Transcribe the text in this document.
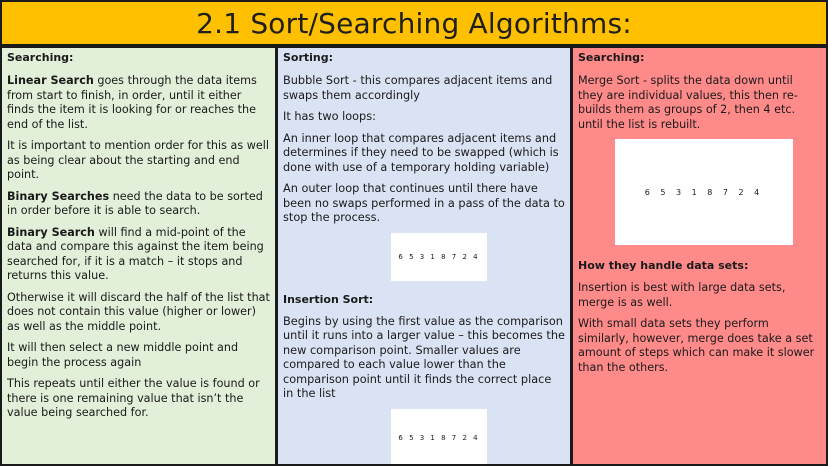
2.1 Sort/Searching Algorithms:
Searching:

Linear Search goes through the data items from start to finish, in order, until it either finds the item it is looking for or reaches the end of the list.

It is important to mention order for this as well as being clear about the starting and end point.

Binary Searches need the data to be sorted in order before it is able to search.

Binary Search will find a mid-point of the data and compare this against the item being searched for, if it is a match – it stops and returns this value.

Otherwise it will discard the half of the list that does not contain this value (higher or lower) as well as the middle point.

It will then select a new middle point and begin the process again

This repeats until either the value is found or there is one remaining value that isn’t the value being searched for.

Sorting:

Bubble Sort - this compares adjacent items and swaps them accordingly

It has two loops:

An inner loop that compares adjacent items and determines if they need to be swapped (which is done with use of a temporary holding variable)

An outer loop that continues until there have been no swaps performed in a pass of the data to stop the process.

6 5 3 1 8 7 2 4
Insertion Sort:

Begins by using the first value as the comparison until it runs into a larger value – this becomes the new comparison point. Smaller values are compared to each value lower than the comparison point until it finds the correct place in the list

6 5 3 1 8 7 2 4
Searching:

Merge Sort - splits the data down until they are individual values, this then re-builds them as groups of 2, then 4 etc. until the list is rebuilt.

6 5 3 1 8 7 2 4
How they handle data sets:

Insertion is best with large data sets, merge is as well.

With small data sets they perform similarly, however, merge does take a set amount of steps which can make it slower than the others.
